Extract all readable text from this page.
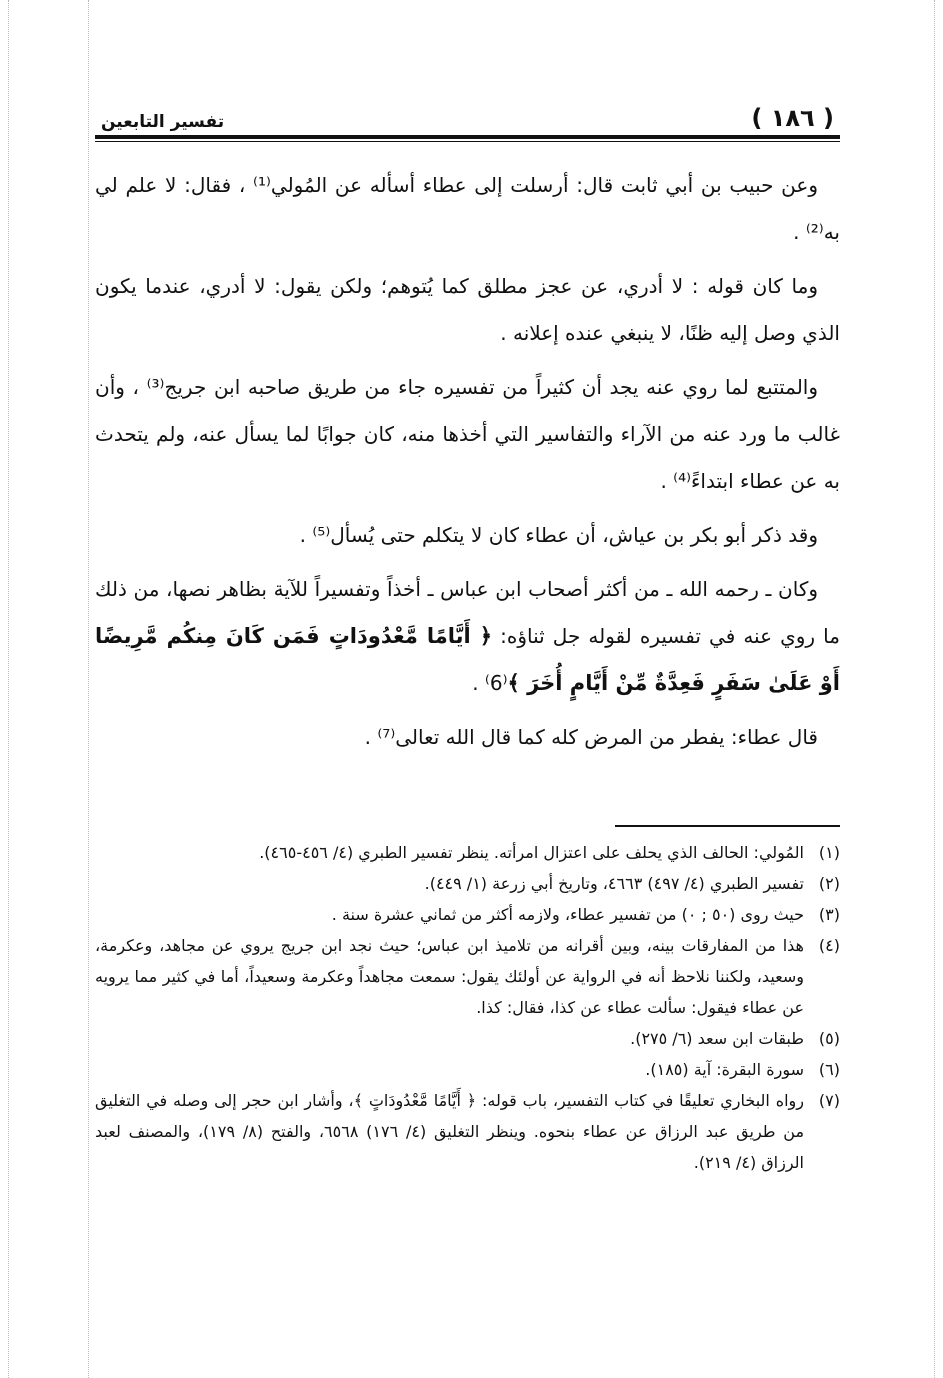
( ١٨٦ )
تفسير التابعين

وعن حبيب بن أبي ثابت قال: أرسلت إلى عطاء أسأله عن المُولي⁽¹⁾ ، فقال: لا علم لي به⁽²⁾ .

وما كان قوله : لا أدري، عن عجز مطلق كما يُتوهم؛ ولكن يقول: لا أدري، عندما يكون الذي وصل إليه ظنًا، لا ينبغي عنده إعلانه .

والمتتبع لما روي عنه يجد أن كثيراً من تفسيره جاء من طريق صاحبه ابن جريج⁽³⁾ ، وأن غالب ما ورد عنه من الآراء والتفاسير التي أخذها منه، كان جوابًا لما يسأل عنه، ولم يتحدث به عن عطاء ابتداءً⁽⁴⁾ .

وقد ذكر أبو بكر بن عياش، أن عطاء كان لا يتكلم حتى يُسأل⁽⁵⁾ .

وكان ـ رحمه الله ـ من أكثر أصحاب ابن عباس ـ أخذاً وتفسيراً للآية بظاهر نصها، من ذلك ما روي عنه في تفسيره لقوله جل ثناؤه: ﴿ أَيَّامًا مَّعْدُودَاتٍ فَمَن كَانَ مِنكُم مَّرِيضًا أَوْ عَلَىٰ سَفَرٍ فَعِدَّةٌ مِّنْ أَيَّامٍ أُخَرَ ﴾⁽6⁾ .

قال عطاء: يفطر من المرض كله كما قال الله تعالى⁽⁷⁾ .

(١)
المُولي: الحالف الذي يحلف على اعتزال امرأته. ينظر تفسير الطبري (٤/ ٤٥٦-٤٦٥).
(٢)
تفسير الطبري (٤/ ٤٩٧) ٤٦٦٣، وتاريخ أبي زرعة (١/ ٤٤٩).
(٣)
حيث روى (٥٠ ; ٠) من تفسير عطاء، ولازمه أكثر من ثماني عشرة سنة .
(٤)
هذا من المفارقات بينه، وبين أقرانه من تلاميذ ابن عباس؛ حيث نجد ابن جريج يروي عن مجاهد، وعكرمة، وسعيد، ولكننا نلاحظ أنه في الرواية عن أولئك يقول: سمعت مجاهداً وعكرمة وسعيداً، أما في كثير مما يرويه عن عطاء فيقول: سألت عطاء عن كذا، فقال: كذا.
(٥)
طبقات ابن سعد (٦/ ٢٧٥).
(٦)
سورة البقرة: آية (١٨٥).
(٧)
رواه البخاري تعليقًا في كتاب التفسير، باب قوله: ﴿ أَيَّامًا مَّعْدُودَاتٍ ﴾، وأشار ابن حجر إلى وصله في التغليق من طريق عبد الرزاق عن عطاء بنحوه. وينظر التغليق (٤/ ١٧٦) ٦٥٦٨، والفتح (٨/ ١٧٩)، والمصنف لعبد الرزاق (٤/ ٢١٩).
